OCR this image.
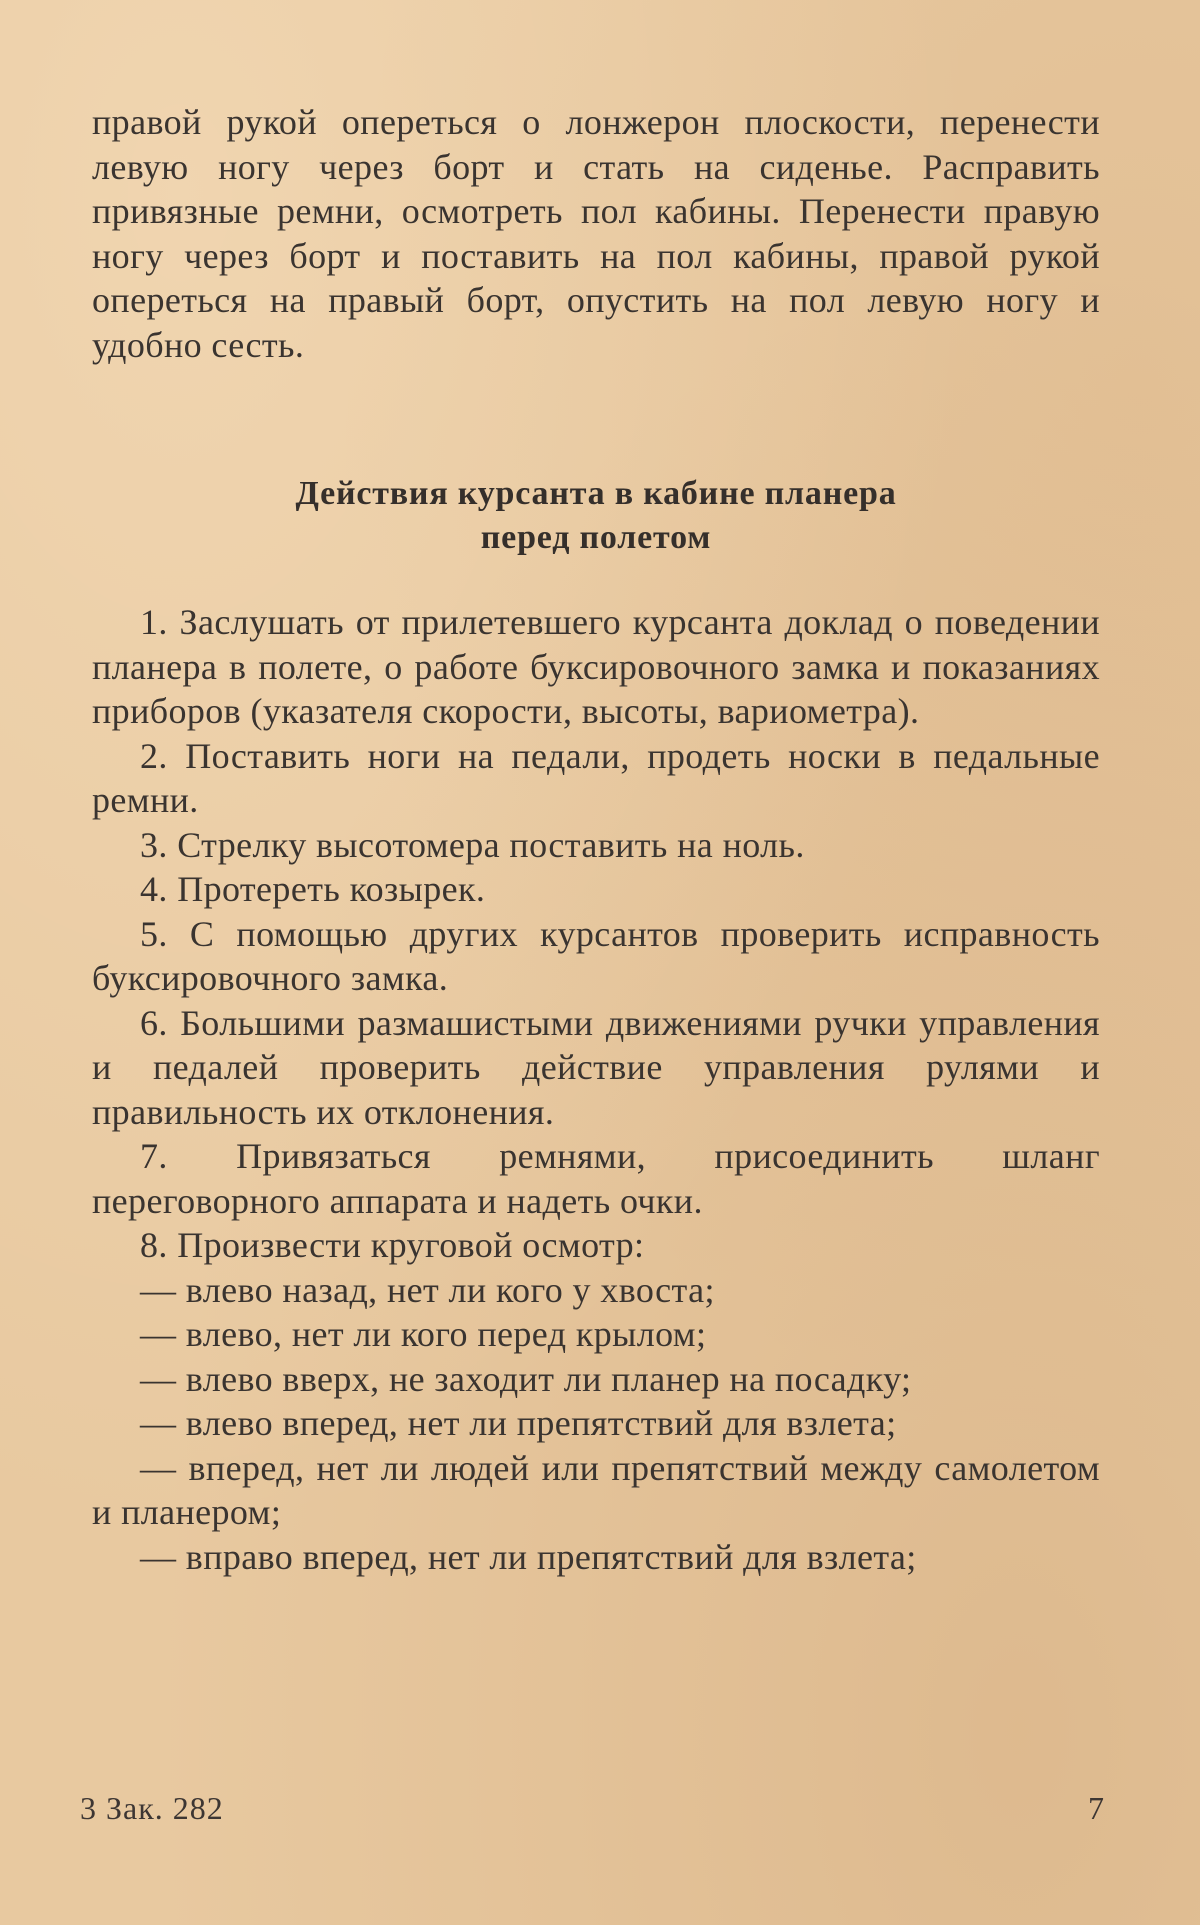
правой рукой опереться о лонжерон плоскости, перенести левую ногу через борт и стать на сиденье. Расправить привязные ремни, осмотреть пол кабины. Перенести правую ногу через борт и поставить на пол кабины, правой рукой опереться на правый борт, опустить на пол левую ногу и удобно сесть.

Действия курсанта в кабине планера
перед полетом

1. Заслушать от прилетевшего курсанта доклад о поведении планера в полете, о работе буксировочного замка и показаниях приборов (указателя скорости, высоты, вариометра).

2. Поставить ноги на педали, продеть носки в педальные ремни.

3. Стрелку высотомера поставить на ноль.

4. Протереть козырек.

5. С помощью других курсантов проверить исправность буксировочного замка.

6. Большими размашистыми движениями ручки управления и педалей проверить действие управления рулями и правильность их отклонения.

7. Привязаться ремнями, присоединить шланг переговорного аппарата и надеть очки.

8. Произвести круговой осмотр:

— влево назад, нет ли кого у хвоста;

— влево, нет ли кого перед крылом;

— влево вверх, не заходит ли планер на посадку;

— влево вперед, нет ли препятствий для взлета;

— вперед, нет ли людей или препятствий между самолетом и планером;

— вправо вперед, нет ли препятствий для взлета;

3 Зак. 282	7
